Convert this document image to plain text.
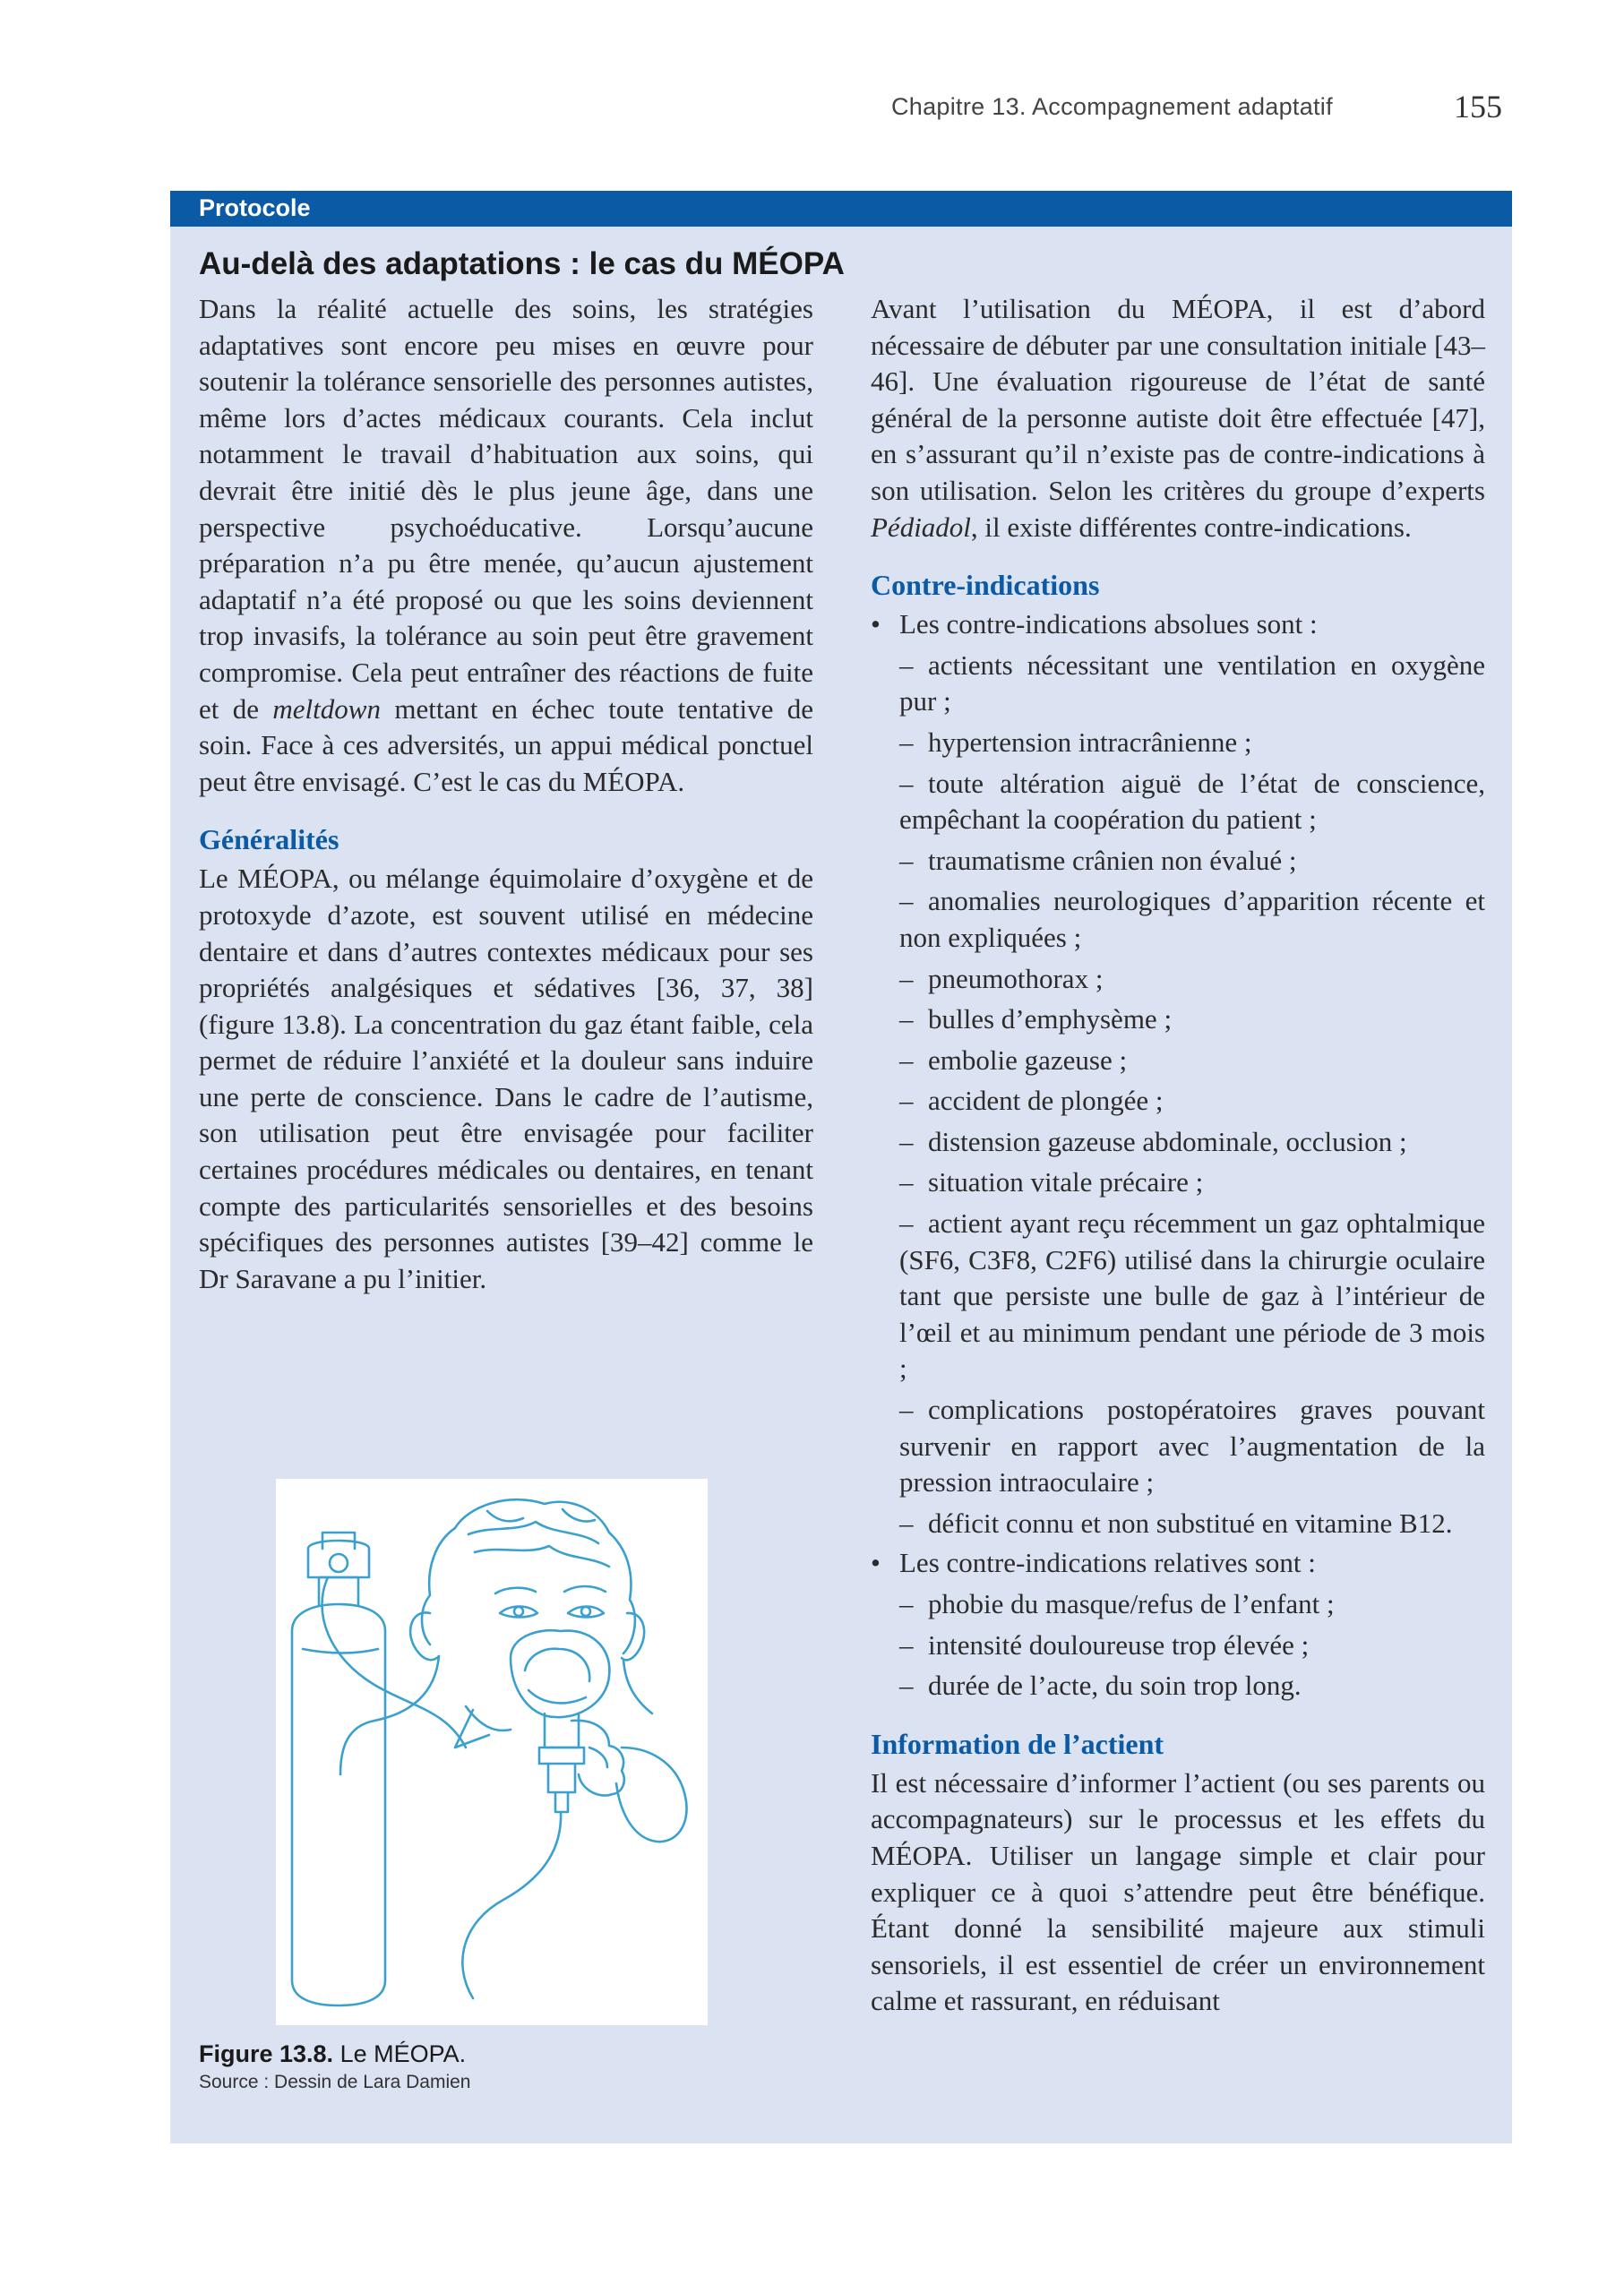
Chapitre 13. Accompagnement adaptatif	155
Protocole
Au-delà des adaptations : le cas du MÉOPA

Dans la réalité actuelle des soins, les stratégies adaptatives sont encore peu mises en œuvre pour soutenir la tolérance sensorielle des personnes autistes, même lors d’actes médicaux courants. Cela inclut notamment le travail d’habituation aux soins, qui devrait être initié dès le plus jeune âge, dans une perspective psychoéducative. Lorsqu’aucune préparation n’a pu être menée, qu’aucun ajustement adaptatif n’a été proposé ou que les soins deviennent trop invasifs, la tolérance au soin peut être gravement compromise. Cela peut entraîner des réactions de fuite et de meltdown mettant en échec toute tentative de soin. Face à ces adversités, un appui médical ponctuel peut être envisagé. C’est le cas du MÉOPA.

Généralités

Le MÉOPA, ou mélange équimolaire d’oxygène et de protoxyde d’azote, est souvent utilisé en médecine dentaire et dans d’autres contextes médicaux pour ses propriétés analgésiques et sédatives [36, 37, 38] (figure 13.8). La concentration du gaz étant faible, cela permet de réduire l’anxiété et la douleur sans induire une perte de conscience. Dans le cadre de l’autisme, son utilisation peut être envisagée pour faciliter certaines procédures médicales ou dentaires, en tenant compte des particularités sensorielles et des besoins spécifiques des personnes autistes [39–42] comme le Dr Saravane a pu l’initier.

Figure 13.8. Le MÉOPA.
Source : Dessin de Lara Damien

Avant l’utilisation du MÉOPA, il est d’abord nécessaire de débuter par une consultation initiale [43–46]. Une évaluation rigoureuse de l’état de santé général de la personne autiste doit être effectuée [47], en s’assurant qu’il n’existe pas de contre-indications à son utilisation. Selon les critères du groupe d’experts Pédiadol, il existe différentes contre-indications.

Contre-indications
• Les contre-indications absolues sont :
– actients nécessitant une ventilation en oxygène pur ;
– hypertension intracrânienne ;
– toute altération aiguë de l’état de conscience, empêchant la coopération du patient ;
– traumatisme crânien non évalué ;
– anomalies neurologiques d’apparition récente et non expliquées ;
– pneumothorax ;
– bulles d’emphysème ;
– embolie gazeuse ;
– accident de plongée ;
– distension gazeuse abdominale, occlusion ;
– situation vitale précaire ;
– actient ayant reçu récemment un gaz ophtalmique (SF6, C3F8, C2F6) utilisé dans la chirurgie oculaire tant que persiste une bulle de gaz à l’intérieur de l’œil et au minimum pendant une période de 3 mois ;
– complications postopératoires graves pouvant survenir en rapport avec l’augmentation de la pression intraoculaire ;
– déficit connu et non substitué en vitamine B12.
• Les contre-indications relatives sont :
– phobie du masque/refus de l’enfant ;
– intensité douloureuse trop élevée ;
– durée de l’acte, du soin trop long.
Information de l’actient

Il est nécessaire d’informer l’actient (ou ses parents ou accompagnateurs) sur le processus et les effets du MÉOPA. Utiliser un langage simple et clair pour expliquer ce à quoi s’attendre peut être bénéfique. Étant donné la sensibilité majeure aux stimuli sensoriels, il est essentiel de créer un environnement calme et rassurant, en réduisant
